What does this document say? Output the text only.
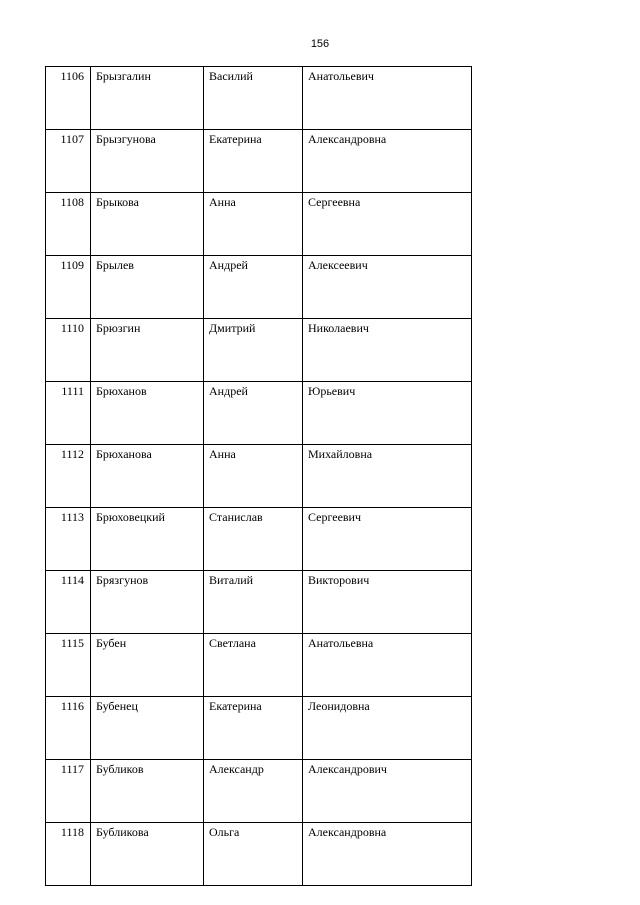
156
1106	Брызгалин	Василий	Анатольевич
1107	Брызгунова	Екатерина	Александровна
1108	Брыкова	Анна	Сергеевна
1109	Брылев	Андрей	Алексеевич
1110	Брюзгин	Дмитрий	Николаевич
1111	Брюханов	Андрей	Юрьевич
1112	Брюханова	Анна	Михайловна
1113	Брюховецкий	Станислав	Сергеевич
1114	Брязгунов	Виталий	Викторович
1115	Бубен	Светлана	Анатольевна
1116	Бубенец	Екатерина	Леонидовна
1117	Бубликов	Александр	Александрович
1118	Бубликова	Ольга	Александровна
